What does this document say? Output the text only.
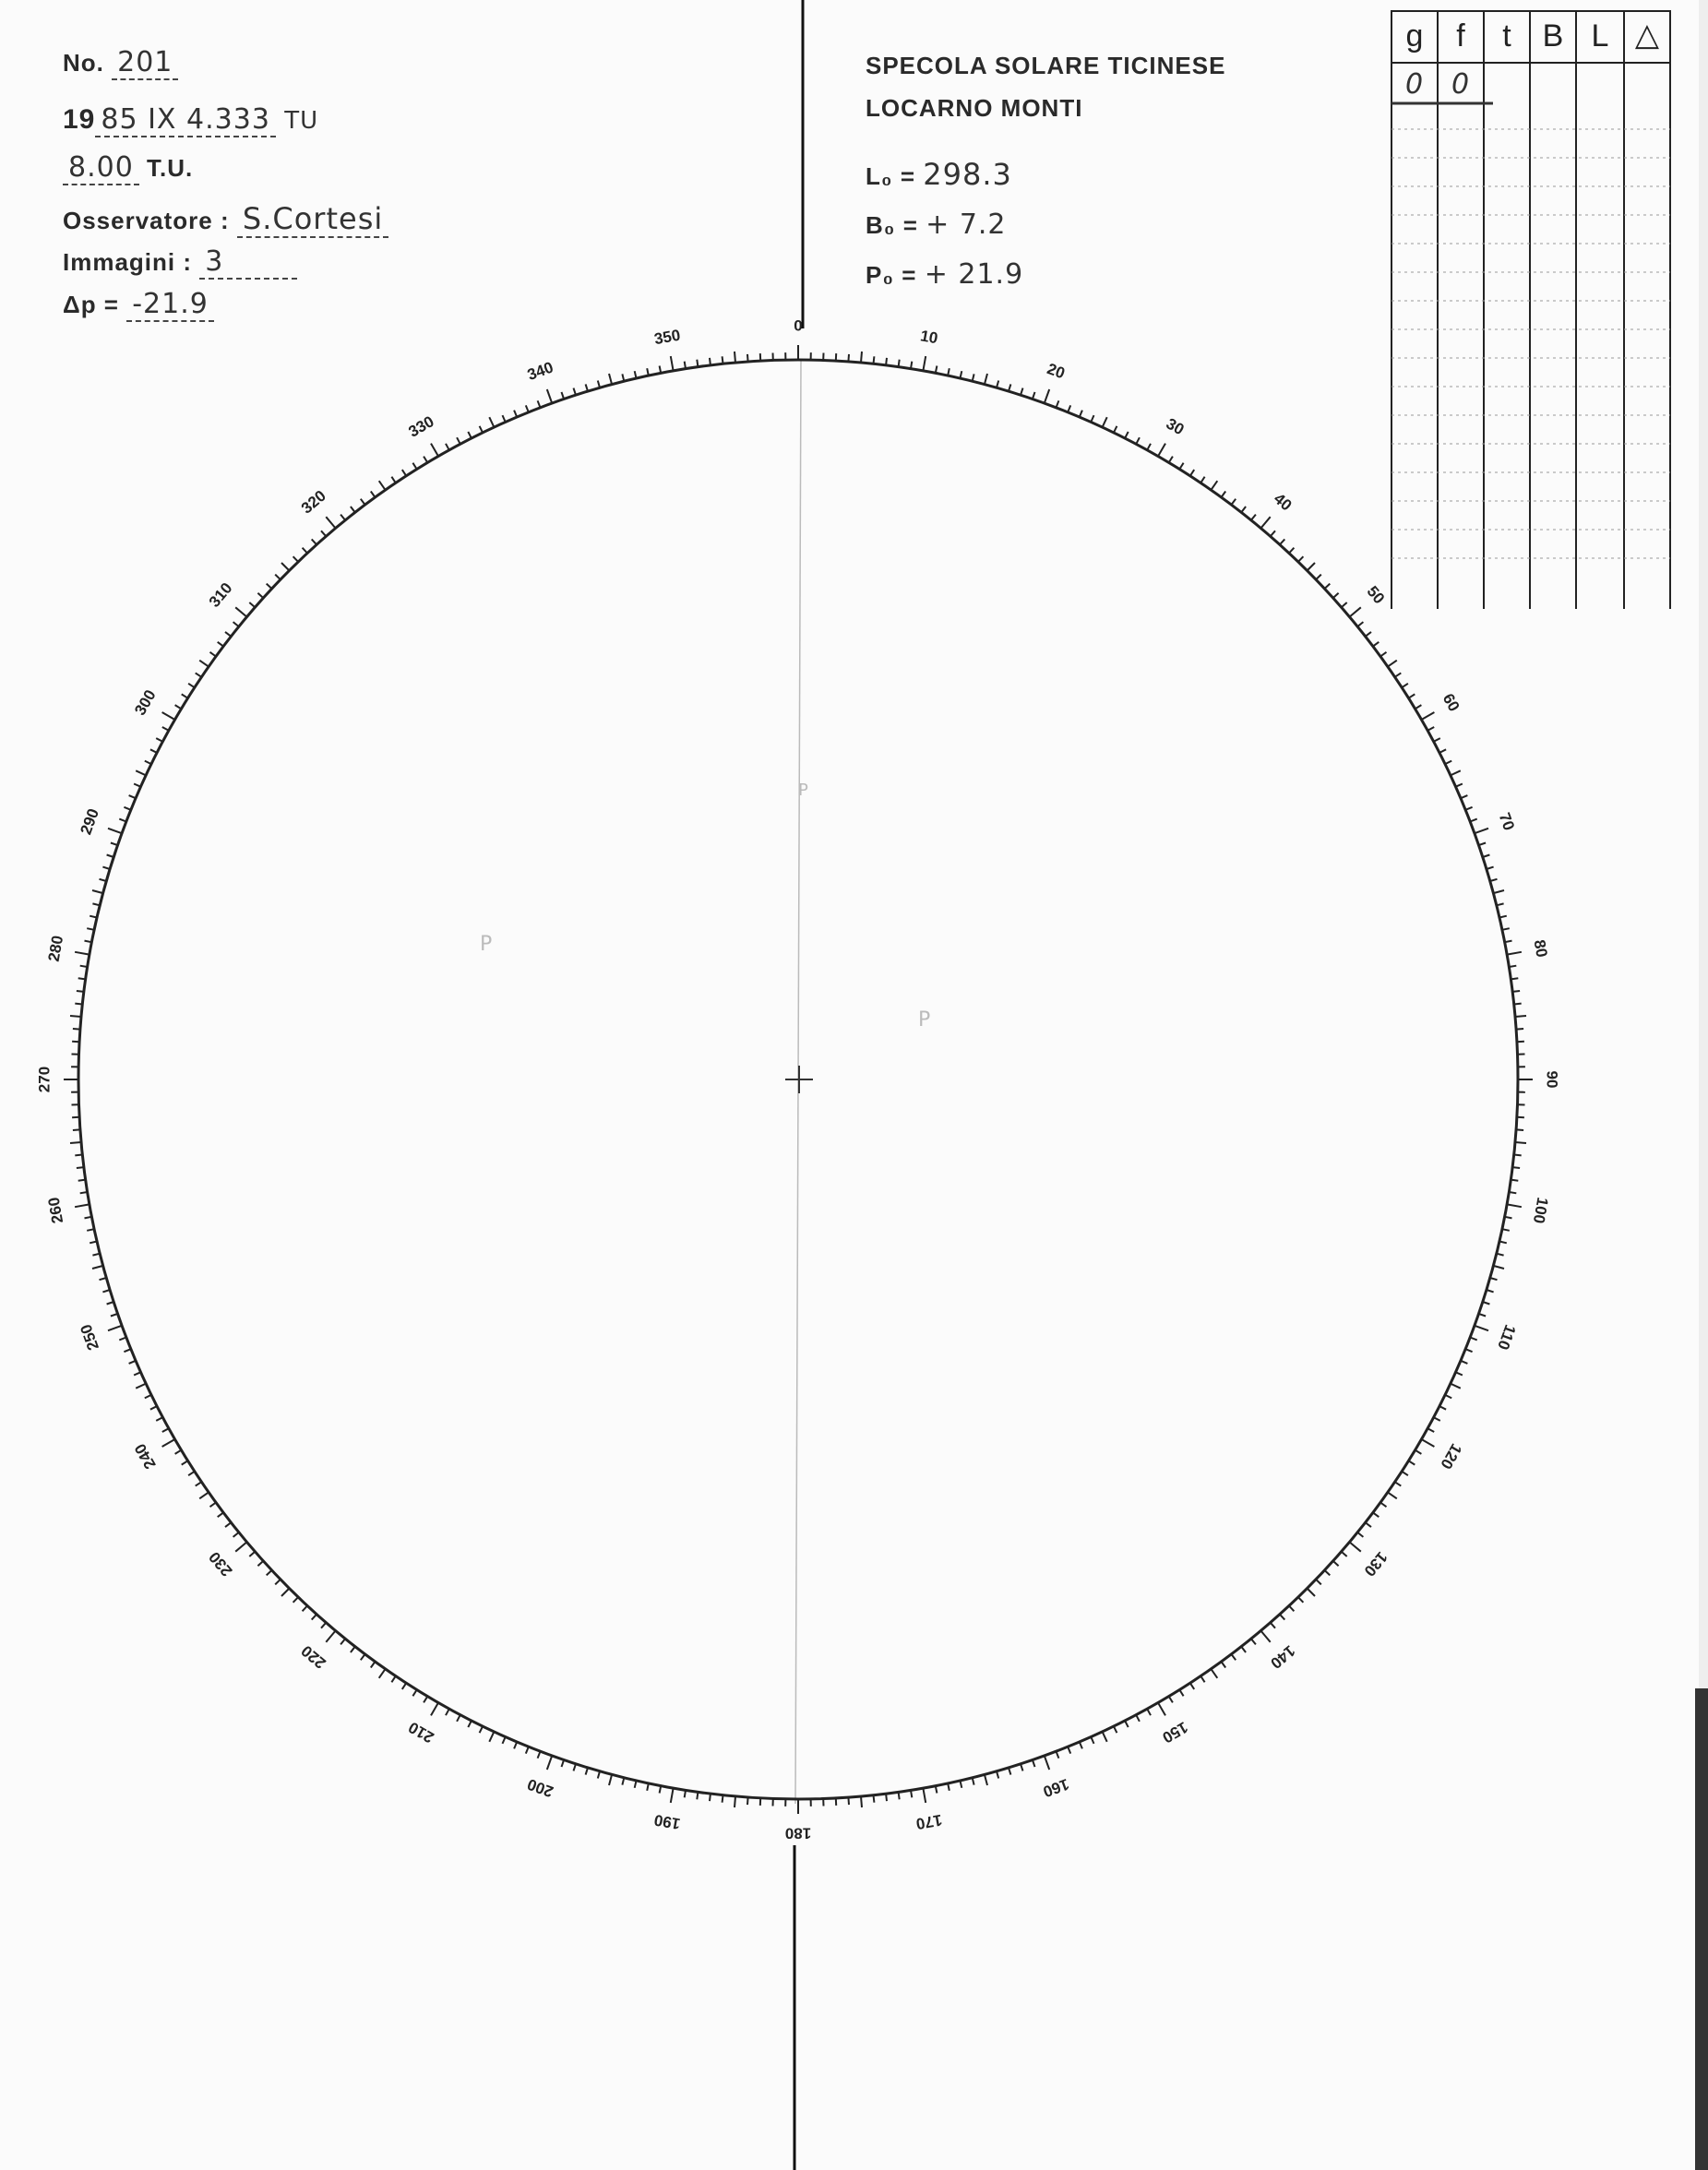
No. 201
19 85 IX 4.333 TU
8.00 T.U.
Osservatore : S.Cortesi
Immagini : 3
Δp = -21.9
SPECOLA SOLARE TICINESE
LOCARNO MONTI
L₀ = 298.3
B₀ = + 7.2
P₀ = + 21.9
0
10
20
30
40
50
60
70
80
90
100
110
120
130
140
150
160
170
180
190
200
210
220
230
240
250
260
270
280
290
300
310
320
330
340
350
P
P
P
g	f	t B L △
0 0
